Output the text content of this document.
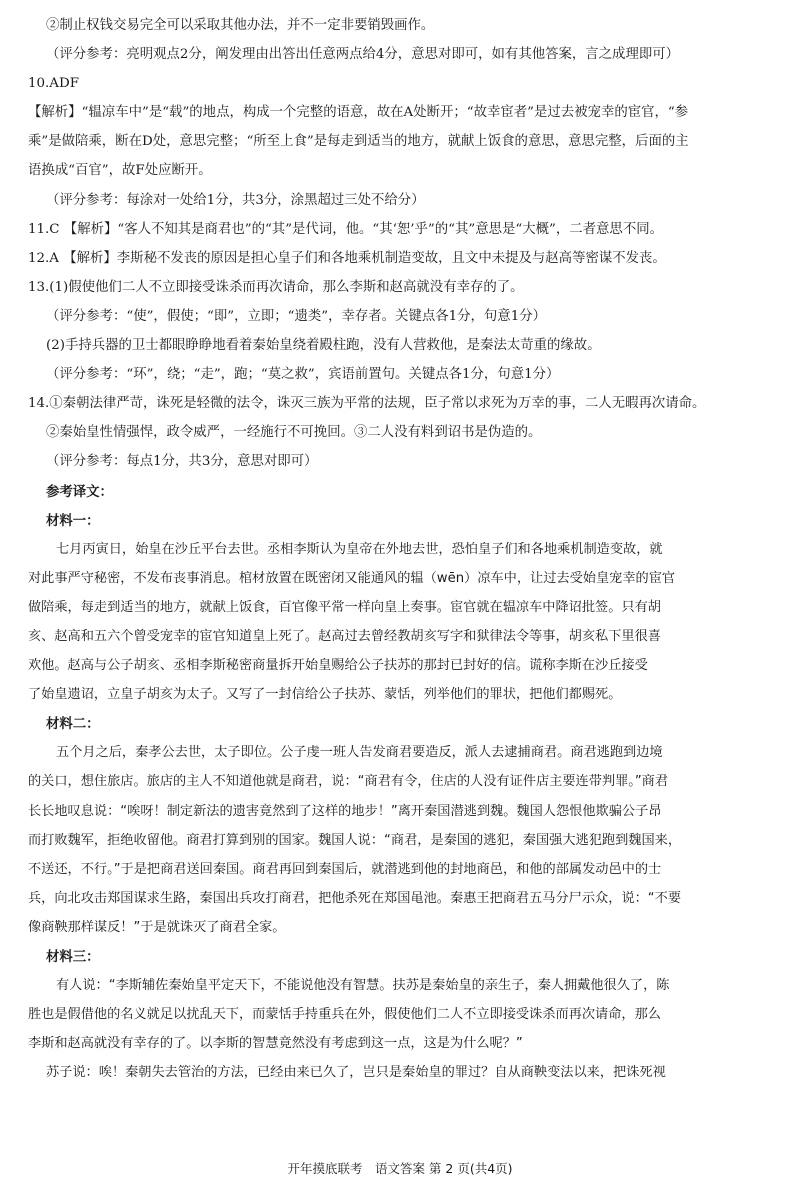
②制止权钱交易完全可以采取其他办法，并不一定非要销毁画作。
（评分参考：亮明观点2分，阐发理由出答出任意两点给4分，意思对即可，如有其他答案，言之成理即可）
10.ADF
【解析】“辒凉车中”是“载”的地点，构成一个完整的语意，故在A处断开；“故幸宦者”是过去被宠幸的宦官，“参
乘”是做陪乘，断在D处，意思完整；“所至上食”是每走到适当的地方，就献上饭食的意思，意思完整，后面的主
语换成“百官”，故F处应断开。
（评分参考：每涂对一处给1分，共3分，涂黑超过三处不给分）
11.C 【解析】“客人不知其是商君也”的“其”是代词，他。“其‘恕’乎”的“其”意思是“大概”，二者意思不同。
12.A 【解析】李斯秘不发丧的原因是担心皇子们和各地乘机制造变故，且文中未提及与赵高等密谋不发丧。
13.(1)假使他们二人不立即接受诛杀而再次请命，那么李斯和赵高就没有幸存的了。
（评分参考：“使”，假使；“即”，立即；“遗类”，幸存者。关键点各1分，句意1分）
(2)手持兵器的卫士都眼睁睁地看着秦始皇绕着殿柱跑，没有人营救他，是秦法太苛重的缘故。
（评分参考：“环”，绕；“走”，跑；“莫之救”，宾语前置句。关键点各1分，句意1分）
14.①秦朝法律严苛，诛死是轻微的法令，诛灭三族为平常的法规，臣子常以求死为万幸的事，二人无暇再次请命。
②秦始皇性情强悍，政令威严，一经施行不可挽回。③二人没有料到诏书是伪造的。
（评分参考：每点1分，共3分，意思对即可）
参考译文：
材料一：
七月丙寅日，始皇在沙丘平台去世。丞相李斯认为皇帝在外地去世，恐怕皇子们和各地乘机制造变故，就
对此事严守秘密，不发布丧事消息。棺材放置在既密闭又能通风的辒（wēn）凉车中，让过去受始皇宠幸的宦官
做陪乘，每走到适当的地方，就献上饭食，百官像平常一样向皇上奏事。宦官就在辒凉车中降诏批签。只有胡
亥、赵高和五六个曾受宠幸的宦官知道皇上死了。赵高过去曾经教胡亥写字和狱律法令等事，胡亥私下里很喜
欢他。赵高与公子胡亥、丞相李斯秘密商量拆开始皇赐给公子扶苏的那封已封好的信。谎称李斯在沙丘接受
了始皇遗诏，立皇子胡亥为太子。又写了一封信给公子扶苏、蒙恬，列举他们的罪状，把他们都赐死。
材料二：
五个月之后，秦孝公去世，太子即位。公子虔一班人告发商君要造反，派人去逮捕商君。商君逃跑到边境
的关口，想住旅店。旅店的主人不知道他就是商君，说：“商君有令，住店的人没有证件店主要连带判罪。”商君
长长地叹息说：“唉呀！制定新法的遗害竟然到了这样的地步！”离开秦国潜逃到魏。魏国人怨恨他欺骗公子昂
而打败魏军，拒绝收留他。商君打算到别的国家。魏国人说：“商君，是秦国的逃犯，秦国强大逃犯跑到魏国来，
不送还，不行。”于是把商君送回秦国。商君再回到秦国后，就潜逃到他的封地商邑，和他的部属发动邑中的士
兵，向北攻击郑国谋求生路，秦国出兵攻打商君，把他杀死在郑国黾池。秦惠王把商君五马分尸示众，说：“不要
像商鞅那样谋反！”于是就诛灭了商君全家。
材料三：
有人说：“李斯辅佐秦始皇平定天下，不能说他没有智慧。扶苏是秦始皇的亲生子，秦人拥戴他很久了，陈
胜也是假借他的名义就足以扰乱天下，而蒙恬手持重兵在外，假使他们二人不立即接受诛杀而再次请命，那么
李斯和赵高就没有幸存的了。以李斯的智慧竟然没有考虑到这一点，这是为什么呢？”
苏子说：唉！秦朝失去管治的方法，已经由来已久了，岂只是秦始皇的罪过？自从商鞅变法以来，把诛死视
开年摸底联考　语文答案 第 2 页(共4页)
